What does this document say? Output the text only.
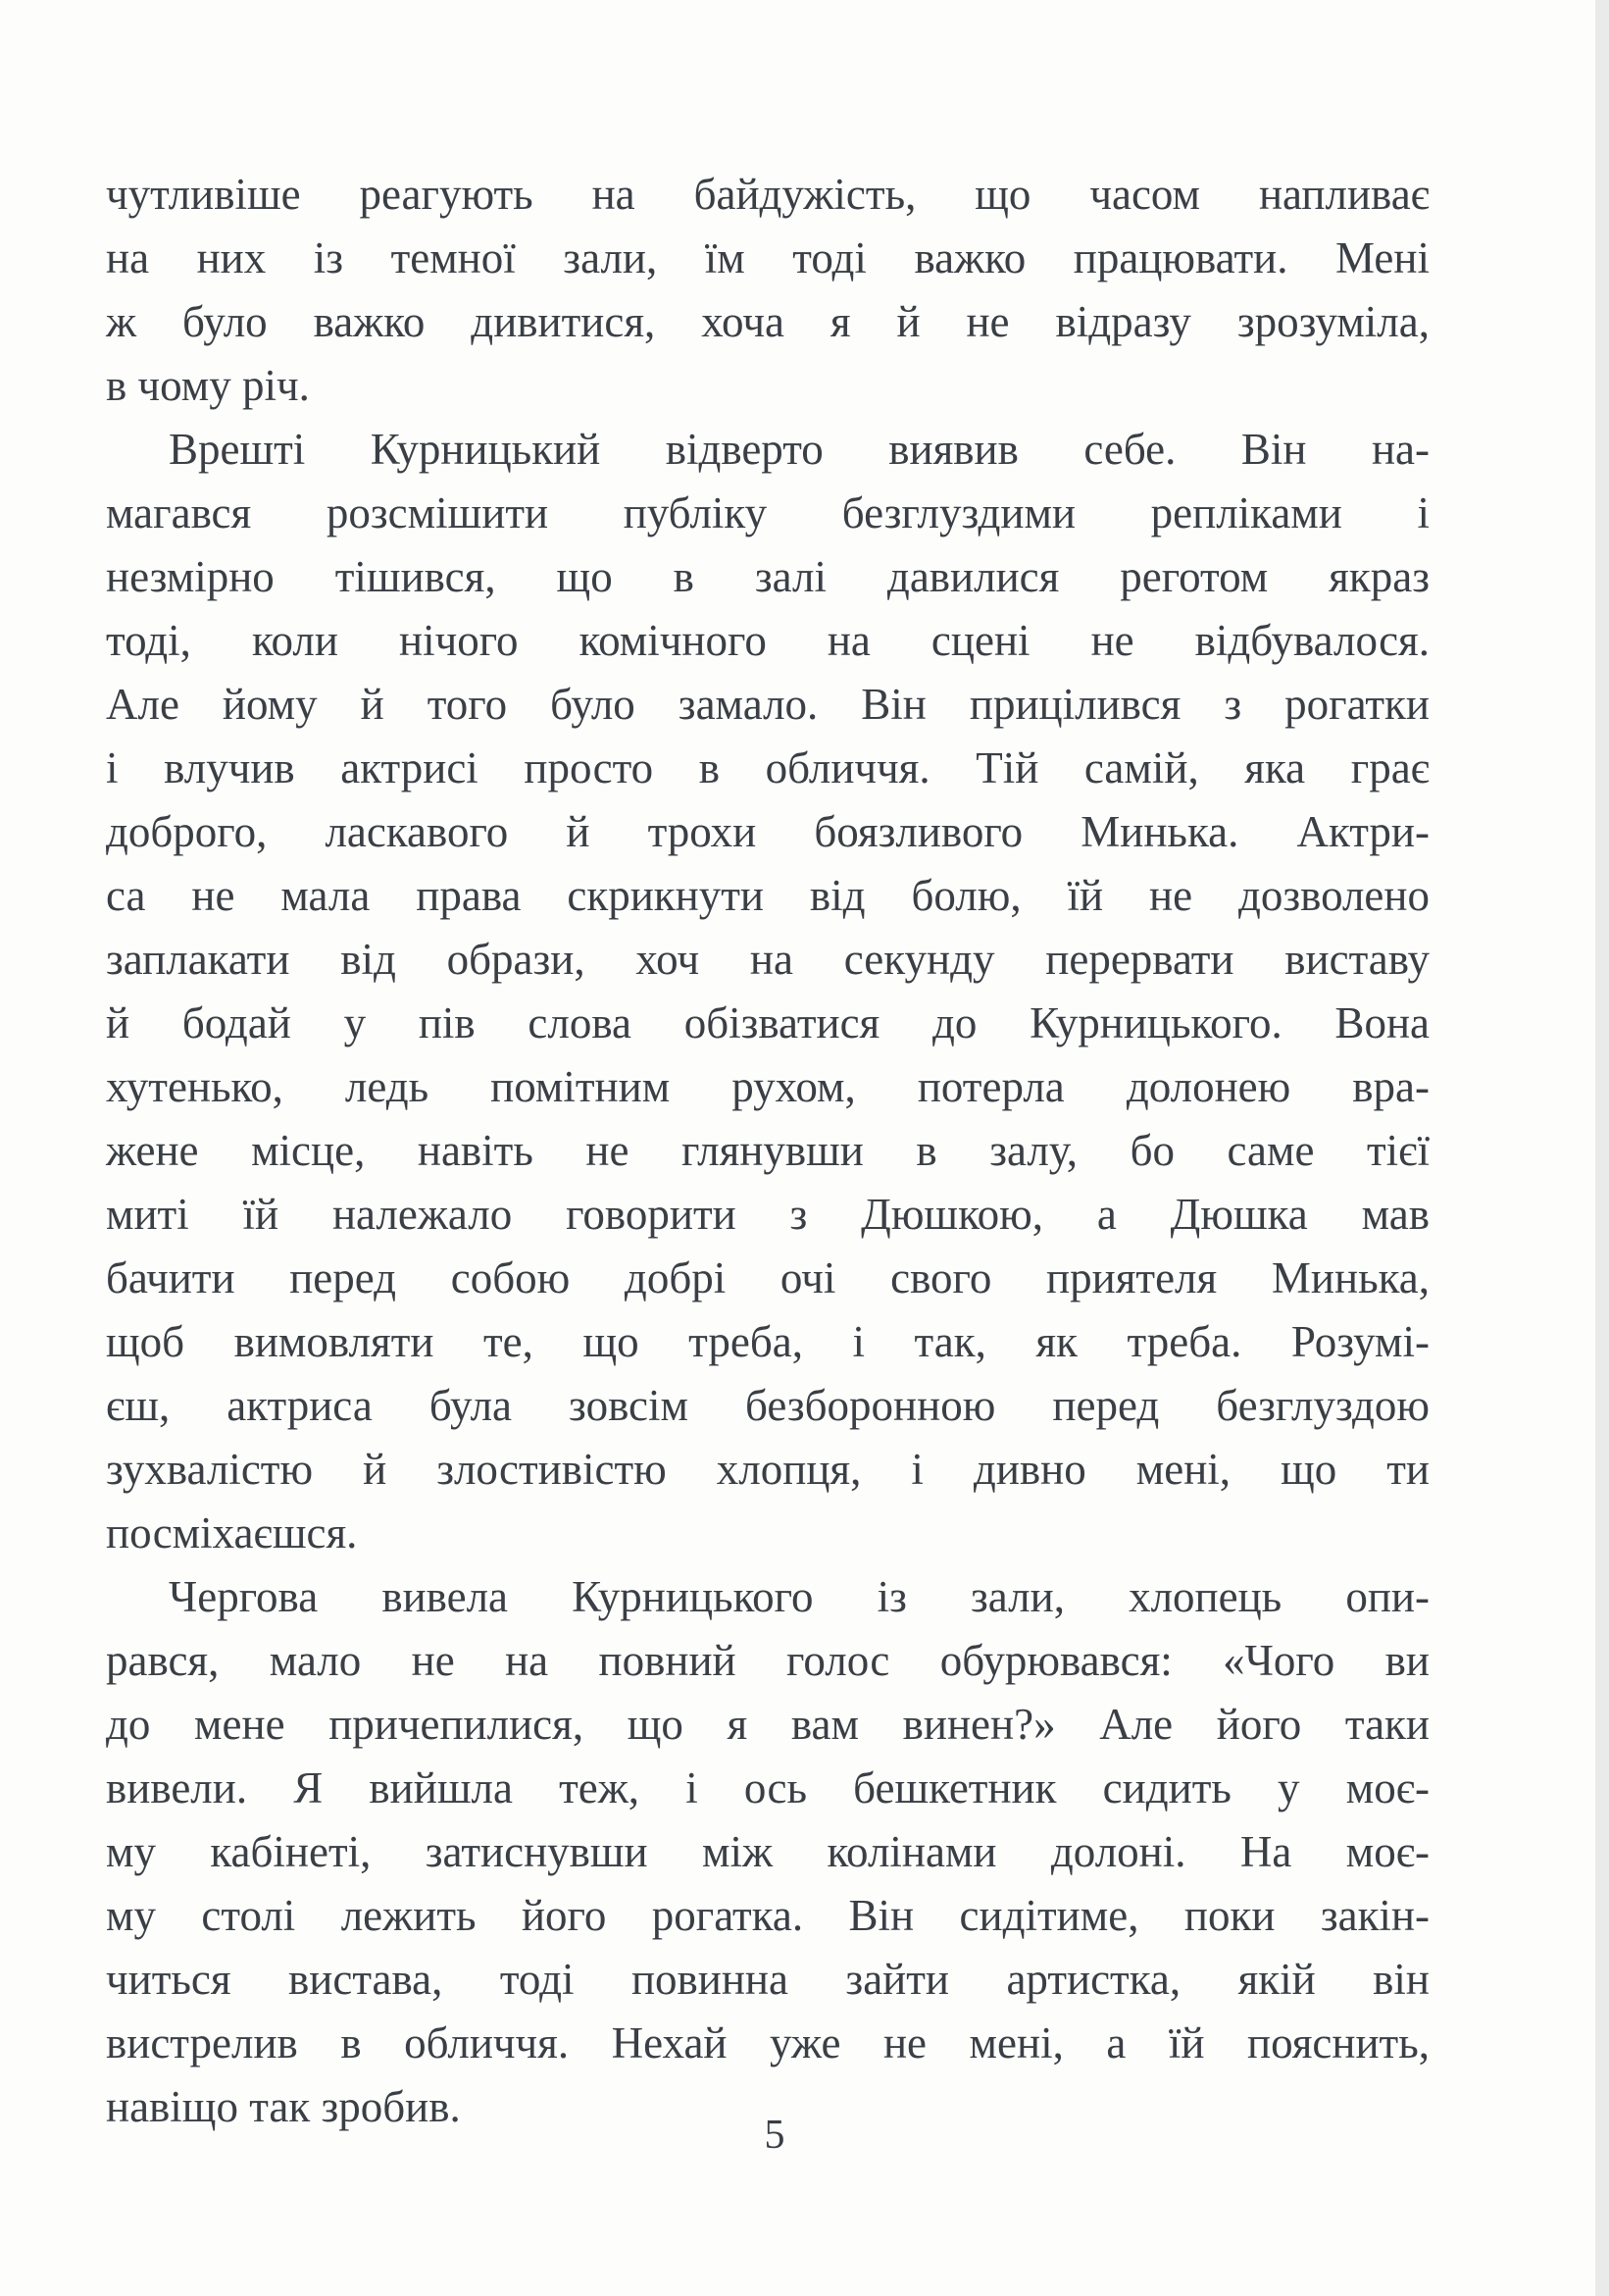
чутливіше реагують на байдужість, що часом напливає
на них із темної зали, їм тоді важко працювати. Мені
ж було важко дивитися, хоча я й не відразу зрозуміла,
в чому річ.
Врешті Курницький відверто виявив себе. Він на-
магався розсмішити публіку безглуздими репліками і
незмірно тішився, що в залі давилися реготом якраз
тоді, коли нічого комічного на сцені не відбувалося.
Але йому й того було замало. Він прицілився з рогатки
і влучив актрисі просто в обличчя. Тій самій, яка грає
доброго, ласкавого й трохи боязливого Минька. Актри-
са не мала права скрикнути від болю, їй не дозволено
заплакати від образи, хоч на секунду перервати виставу
й бодай у пів слова обізватися до Курницького. Вона
хутенько, ледь помітним рухом, потерла долонею вра-
жене місце, навіть не глянувши в залу, бо саме тієї
миті їй належало говорити з Дюшкою, а Дюшка мав
бачити перед собою добрі очі свого приятеля Минька,
щоб вимовляти те, що треба, і так, як треба. Розумі-
єш, актриса була зовсім безборонною перед безглуздою
зухвалістю й злостивістю хлопця, і дивно мені, що ти
посміхаєшся.
Чергова вивела Курницького із зали, хлопець опи-
рався, мало не на повний голос обурювався: «Чого ви
до мене причепилися, що я вам винен?» Але його таки
вивели. Я вийшла теж, і ось бешкетник сидить у моє-
му кабінеті, затиснувши між колінами долоні. На моє-
му столі лежить його рогатка. Він сидітиме, поки закін-
читься вистава, тоді повинна зайти артистка, якій він
вистрелив в обличчя. Нехай уже не мені, а їй пояснить,
навіщо так зробив.
5
